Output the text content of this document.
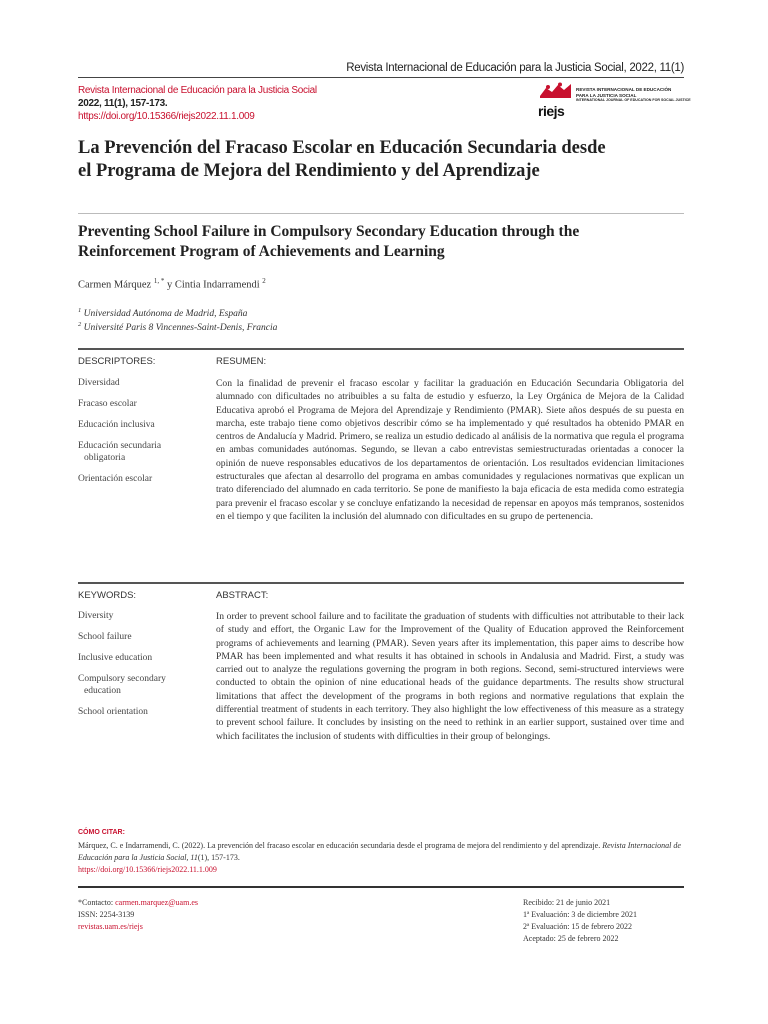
Revista Internacional de Educación para la Justicia Social, 2022, 11(1)
Revista Internacional de Educación para la Justicia Social
2022, 11(1), 157-173.
https://doi.org/10.15366/riejs2022.11.1.009	riejs
REVISTA INTERNACIONAL DE EDUCACIÓN
PARA LA JUSTICIA SOCIAL
INTERNATIONAL JOURNAL OF EDUCATION FOR SOCIAL JUSTICE
La Prevención del Fracaso Escolar en Educación Secundaria desde el Programa de Mejora del Rendimiento y del Aprendizaje
Preventing School Failure in Compulsory Secondary Education through the Reinforcement Program of Achievements and Learning
Carmen Márquez $^{1, *}$ y Cintia Indarramendi $^2$
$^1$ Universidad Autónoma de Madrid, España
$^2$ Université Paris 8 Vincennes-Saint-Denis, Francia
DESCRIPTORES:	RESUMEN:
Diversidad
Fracaso escolar
Educación inclusiva
Educación secundaria
obligatoria
Orientación escolar
Con la finalidad de prevenir el fracaso escolar y facilitar la graduación en Educación Secundaria Obligatoria del alumnado con dificultades no atribuibles a su falta de estudio y esfuerzo, la Ley Orgánica de Mejora de la Calidad Educativa aprobó el Programa de Mejora del Aprendizaje y Rendimiento (PMAR). Siete años después de su puesta en marcha, este trabajo tiene como objetivos describir cómo se ha implementado y qué resultados ha obtenido PMAR en centros de Andalucía y Madrid. Primero, se realiza un estudio dedicado al análisis de la normativa que regula el programa en ambas comunidades autónomas. Segundo, se llevan a cabo entrevistas semiestructuradas orientadas a conocer la opinión de nueve responsables educativos de los departamentos de orientación. Los resultados evidencian limitaciones estructurales que afectan al desarrollo del programa en ambas comunidades y regulaciones normativas que explican un trato diferenciado del alumnado en cada territorio. Se pone de manifiesto la baja eficacia de esta medida como estrategia para prevenir el fracaso escolar y se concluye enfatizando la necesidad de repensar en apoyos más tempranos, sostenidos en el tiempo y que faciliten la inclusión del alumnado con dificultades en su grupo de pertenencia.
KEYWORDS:	ABSTRACT:
Diversity
School failure
Inclusive education
Compulsory secondary
education
School orientation
In order to prevent school failure and to facilitate the graduation of students with difficulties not attributable to their lack of study and effort, the Organic Law for the Improvement of the Quality of Education approved the Reinforcement programs of achievements and learning (PMAR). Seven years after its implementation, this paper aims to describe how PMAR has been implemented and what results it has obtained in schools in Andalusia and Madrid. First, a study was carried out to analyze the regulations governing the program in both regions. Second, semi-structured interviews were conducted to obtain the opinion of nine educational heads of the guidance departments. The results show structural limitations that affect the development of the programs in both regions and normative regulations that explain the differential treatment of students in each territory. They also highlight the low effectiveness of this measure as a strategy to prevent school failure. It concludes by insisting on the need to rethink in an earlier support, sustained over time and which facilitates the inclusion of students with difficulties in their group of belongings.
CÓMO CITAR:
Márquez, C. e Indarramendi, C. (2022). La prevención del fracaso escolar en educación secundaria desde el programa de mejora del rendimiento y del aprendizaje. Revista Internacional de Educación para la Justicia Social, 11(1), 157-173.
https://doi.org/10.15366/riejs2022.11.1.009
*Contacto: carmen.marquez@uam.es
ISSN: 2254-3139
revistas.uam.es/riejs
Recibido: 21 de junio 2021
1ª Evaluación: 3 de diciembre 2021
2ª Evaluación: 15 de febrero 2022
Aceptado: 25 de febrero 2022
